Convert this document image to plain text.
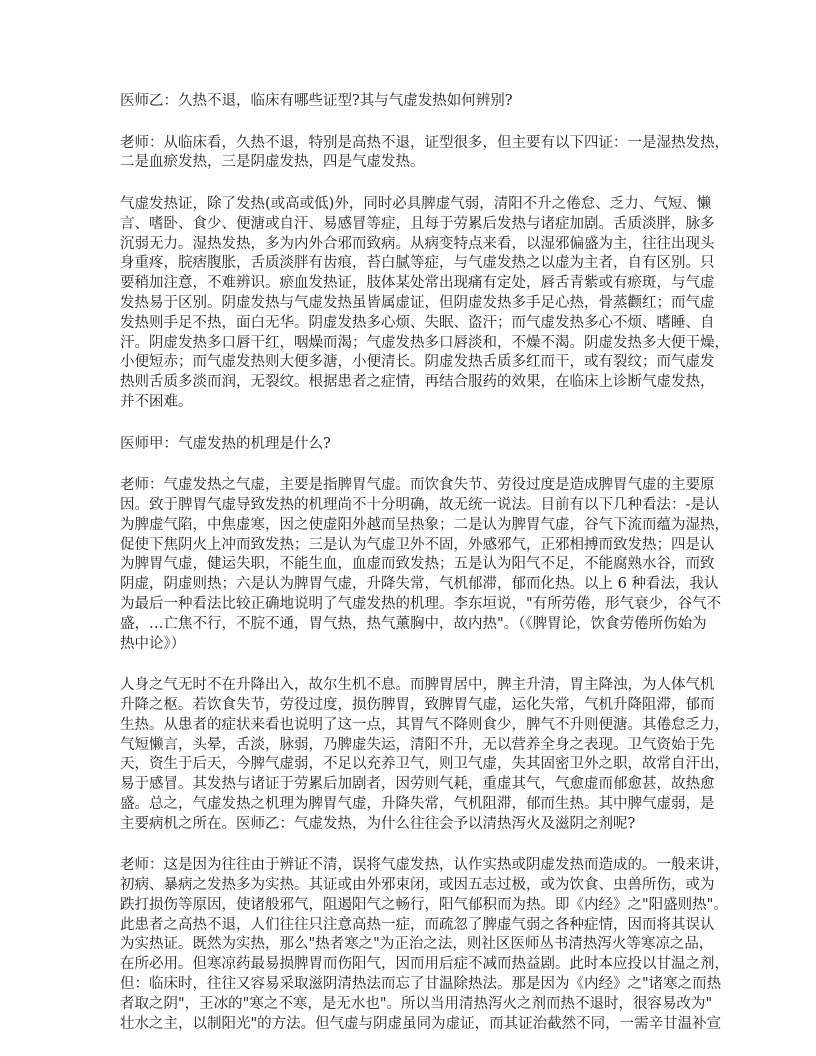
医师乙：久热不退，临床有哪些证型?其与气虚发热如何辨别?
老师：从临床看，久热不退，特别是高热不退，证型很多，但主要有以下四证：一是湿热发热，
二是血瘀发热，三是阴虚发热，四是气虚发热。
气虚发热证，除了发热(或高或低)外，同时必具脾虚气弱，清阳不升之倦怠、乏力、气短、懒
言、嗜卧、食少、便溏或自汗、易感冒等症，且每于劳累后发热与诸症加剧。舌质淡胖，脉多
沉弱无力。湿热发热，多为内外合邪而致病。从病变特点来看，以湿邪偏盛为主，往往出现头
身重疼，脘痞腹胀，舌质淡胖有齿痕，苔白腻等症，与气虚发热之以虚为主者，自有区别。只
要稍加注意，不难辨识。瘀血发热证，肢体某处常出现痛有定处，唇舌青紫或有瘀斑，与气虚
发热易于区别。阴虚发热与气虚发热虽皆属虚证，但阴虚发热多手足心热，骨蒸颧红；而气虚
发热则手足不热，面白无华。阴虚发热多心烦、失眠、盗汗；而气虚发热多心不烦、嗜睡、自
汗。阴虚发热多口唇干红，咽燥而渴；气虚发热多口唇淡和，不燥不渴。阴虚发热多大便干燥，
小便短赤；而气虚发热则大便多溏，小便清长。阴虚发热舌质多红而干，或有裂纹；而气虚发
热则舌质多淡而润，无裂纹。根据患者之症情，再结合服药的效果，在临床上诊断气虚发热，
并不困难。
医师甲：气虚发热的机理是什么?
老师：气虚发热之气虚，主要是指脾胃气虚。而饮食失节、劳役过度是造成脾胃气虚的主要原
因。致于脾胃气虚导致发热的机理尚不十分明确，故无统一说法。目前有以下几种看法：-是认
为脾虚气陷，中焦虚寒，因之使虚阳外越而呈热象；二是认为脾胃气虚，谷气下流而蕴为湿热，
促使下焦阴火上冲而致发热；三是认为气虚卫外不固，外感邪气，正邪相搏而致发热；四是认
为脾胃气虚，健运失职，不能生血，血虚而致发热；五是认为阳气不足，不能腐熟水谷，而致
阴虚，阴虚则热；六是认为脾胃气虚，升降失常，气机郁滞，郁而化热。以上 6 种看法，我认
为最后一种看法比较正确地说明了气虚发热的机理。李东垣说，"有所劳倦，形气衰少，谷气不
盛，…亡焦不行，不脘不通，胃气热，热气薰胸中，故内热"。（《脾胃论，饮食劳倦所伤始为
热中论》）
人身之气无时不在升降出入，故尔生机不息。而脾胃居中，脾主升清，胃主降浊，为人体气机
升降之枢。若饮食失节，劳役过度，损伤脾胃，致脾胃气虚，运化失常，气机升降阻滞，郁而
生热。从患者的症状来看也说明了这一点，其胃气不降则食少，脾气不升则便溏。其倦怠乏力，
气短懒言，头晕，舌淡，脉弱，乃脾虚失运，清阳不升，无以营养全身之表现。卫气资始于先
天，资生于后天，今脾气虚弱，不足以充养卫气，则卫气虚，失其固密卫外之职，故常自汗出，
易于感冒。其发热与诸证于劳累后加剧者，因劳则气耗，重虚其气，气愈虚而郁愈甚，故热愈
盛。总之，气虚发热之机理为脾胃气虚，升降失常，气机阻滞，郁而生热。其中脾气虚弱，是
主要病机之所在。医师乙：气虚发热，为什么往往会予以清热泻火及滋阴之剂呢?
老师：这是因为往往由于辨证不清，误将气虚发热，认作实热或阴虚发热而造成的。一般来讲，
初病、暴病之发热多为实热。其证或由外邪束闭，或因五志过极，或为饮食、虫兽所伤，或为
跌打损伤等原因，使诸般邪气，阻遏阳气之畅行，阳气郁积而为热。即《内经》之"阳盛则热"。
此患者之高热不退，人们往往只注意高热一症，而疏忽了脾虚气弱之各种症情，因而将其误认
为实热证。既然为实热，那么"热者寒之"为正治之法，则社区医师丛书清热泻火等寒凉之品，
在所必用。但寒凉药最易损脾胃而伤阳气，因而用后症不减而热益剧。此时本应投以甘温之剂，
但：临床时，往往又容易采取滋阴清热法而忘了甘温除热法。那是因为《内经》之"诸寒之而热
者取之阴"，王冰的"寒之不寒，是无水也"。所以当用清热泻火之剂而热不退时，很容易改为"
壮水之主，以制阳光"的方法。但气虚与阴虚虽同为虚证，而其证治截然不同，一需辛甘温补宣
